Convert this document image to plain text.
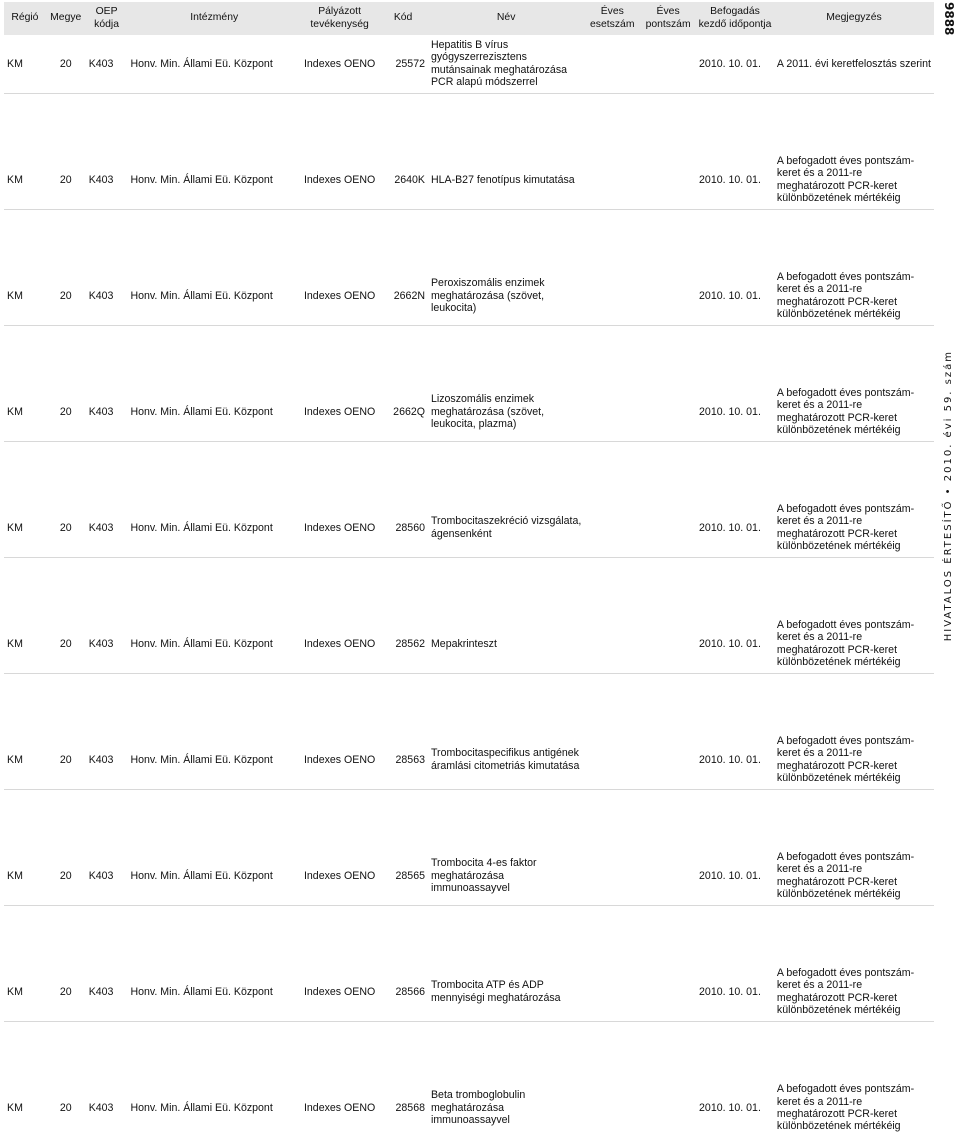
9888
HIVATALOS ÉRTESÍTŐ • 2010. évi 59. szám
Régió	Megye	OEP kódja	Intézmény	Pályázott tevékenység	Kód	Név	Éves esetszám	Éves pontszám	Befogadás kezdő időpontja	Megjegyzés
KM	20	K403	Honv. Min. Állami Eü. Központ	Indexes OENO	25572	Hepatitis B vírus
gyógyszerrezisztens
mutánsainak meghatározása
PCR alapú módszerrel			2010. 10. 01.	A 2011. évi keretfelosztás szerint

KM	20	K403	Honv. Min. Állami Eü. Központ	Indexes OENO	2640K	HLA-B27 fenotípus kimutatása			2010. 10. 01.	A befogadott éves pontszám-
keret és a 2011-re
meghatározott PCR-keret
különbözetének mértékéig

KM	20	K403	Honv. Min. Állami Eü. Központ	Indexes OENO	2662N	Peroxiszomális enzimek
meghatározása (szövet,
leukocita)			2010. 10. 01.	A befogadott éves pontszám-
keret és a 2011-re
meghatározott PCR-keret
különbözetének mértékéig

KM	20	K403	Honv. Min. Állami Eü. Központ	Indexes OENO	2662Q	Lizoszomális enzimek
meghatározása (szövet,
leukocita, plazma)			2010. 10. 01.	A befogadott éves pontszám-
keret és a 2011-re
meghatározott PCR-keret
különbözetének mértékéig

KM	20	K403	Honv. Min. Állami Eü. Központ	Indexes OENO	28560	Trombocitaszekréció vizsgálata,
ágensenként			2010. 10. 01.	A befogadott éves pontszám-
keret és a 2011-re
meghatározott PCR-keret
különbözetének mértékéig

KM	20	K403	Honv. Min. Állami Eü. Központ	Indexes OENO	28562	Mepakrinteszt			2010. 10. 01.	A befogadott éves pontszám-
keret és a 2011-re
meghatározott PCR-keret
különbözetének mértékéig

KM	20	K403	Honv. Min. Állami Eü. Központ	Indexes OENO	28563	Trombocitaspecifikus antigének
áramlási citometriás kimutatása			2010. 10. 01.	A befogadott éves pontszám-
keret és a 2011-re
meghatározott PCR-keret
különbözetének mértékéig

KM	20	K403	Honv. Min. Állami Eü. Központ	Indexes OENO	28565	Trombocita 4-es faktor
meghatározása
immunoassayvel			2010. 10. 01.	A befogadott éves pontszám-
keret és a 2011-re
meghatározott PCR-keret
különbözetének mértékéig

KM	20	K403	Honv. Min. Állami Eü. Központ	Indexes OENO	28566	Trombocita ATP és ADP
mennyiségi meghatározása			2010. 10. 01.	A befogadott éves pontszám-
keret és a 2011-re
meghatározott PCR-keret
különbözetének mértékéig

KM	20	K403	Honv. Min. Állami Eü. Központ	Indexes OENO	28568	Beta tromboglobulin
meghatározása
immunoassayvel			2010. 10. 01.	A befogadott éves pontszám-
keret és a 2011-re
meghatározott PCR-keret
különbözetének mértékéig
